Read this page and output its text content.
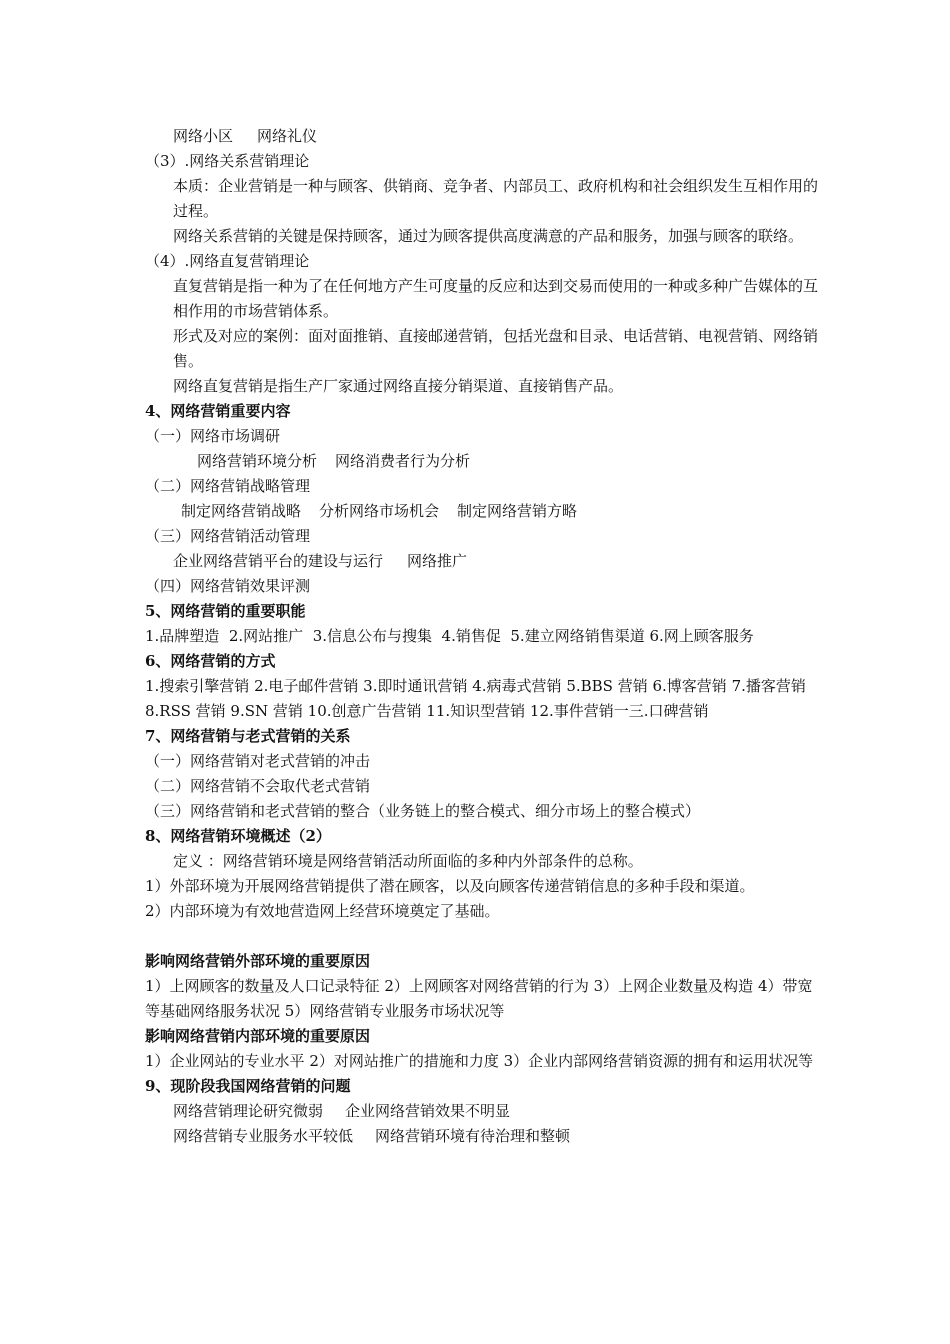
网络小区 网络礼仪
（3）.网络关系营销理论
本质：企业营销是一种与顾客、供销商、竞争者、内部员工、政府机构和社会组织发生互相作用的过程。
网络关系营销的关键是保持顾客，通过为顾客提供高度满意的产品和服务，加强与顾客的联络。
（4）.网络直复营销理论
直复营销是指一种为了在任何地方产生可度量的反应和达到交易而使用的一种或多种广告媒体的互相作用的市场营销体系。
形式及对应的案例：面对面推销、直接邮递营销，包括光盘和目录、电话营销、电视营销、网络销售。
网络直复营销是指生产厂家通过网络直接分销渠道、直接销售产品。
4、网络营销重要内容
（一）网络市场调研
网络营销环境分析 网络消费者行为分析
（二）网络营销战略管理
制定网络营销战略 分析网络市场机会 制定网络营销方略
（三）网络营销活动管理
企业网络营销平台的建设与运行 网络推广
（四）网络营销效果评测
5、网络营销的重要职能
1.品牌塑造  2.网站推广  3.信息公布与搜集  4.销售促  5.建立网络销售渠道 6.网上顾客服务
6、网络营销的方式
1.搜索引擎营销 2.电子邮件营销 3.即时通讯营销 4.病毒式营销 5.BBS 营销 6.博客营销 7.播客营销 8.RSS 营销 9.SN 营销 10.创意广告营销 11.知识型营销 12.事件营销一三.口碑营销
7、网络营销与老式营销的关系
（一）网络营销对老式营销的冲击
（二）网络营销不会取代老式营销
（三）网络营销和老式营销的整合（业务链上的整合模式、细分市场上的整合模式）
8、网络营销环境概述（2）
定义 ：网络营销环境是网络营销活动所面临的多种内外部条件的总称。
1）外部环境为开展网络营销提供了潜在顾客，以及向顾客传递营销信息的多种手段和渠道。
2）内部环境为有效地营造网上经营环境奠定了基础。
影响网络营销外部环境的重要原因
1）上网顾客的数量及人口记录特征 2）上网顾客对网络营销的行为 3）上网企业数量及构造 4）带宽等基础网络服务状况 5）网络营销专业服务市场状况等
影响网络营销内部环境的重要原因
1）企业网站的专业水平 2）对网站推广的措施和力度 3）企业内部网络营销资源的拥有和运用状况等
9、现阶段我国网络营销的问题
网络营销理论研究微弱 企业网络营销效果不明显
网络营销专业服务水平较低 网络营销环境有待治理和整顿
